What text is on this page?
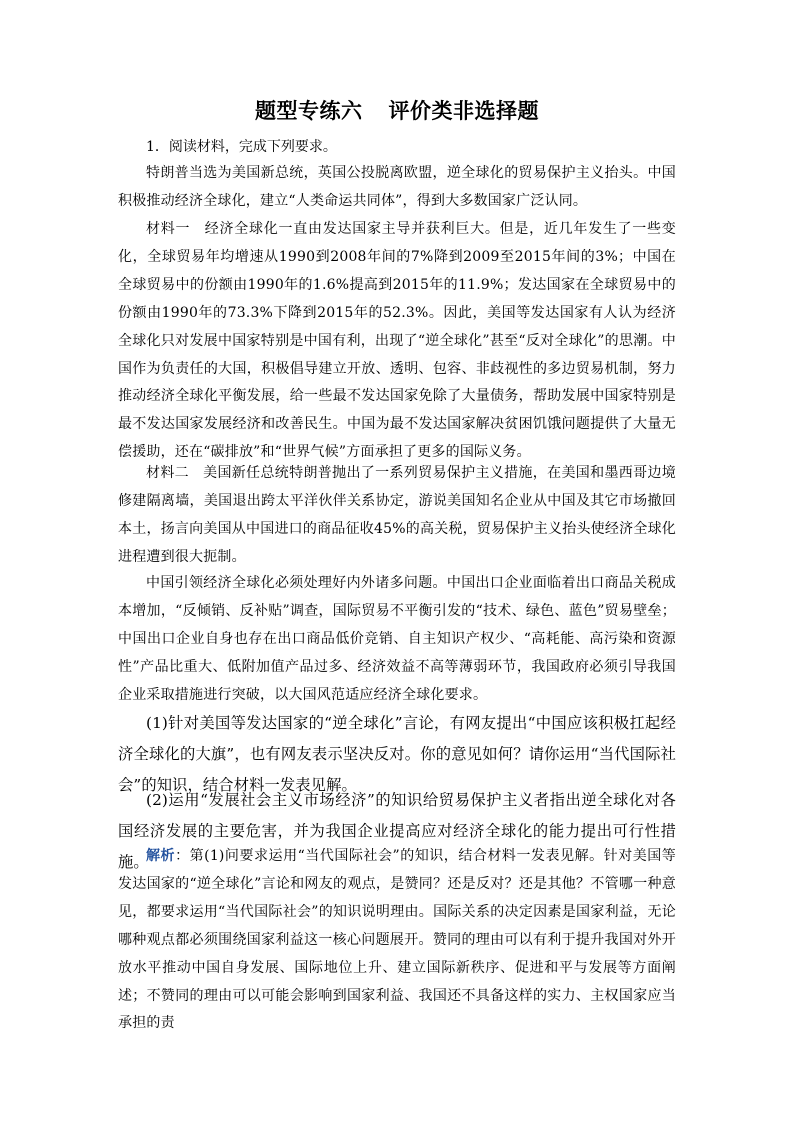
题型专练六 评价类非选择题
1．阅读材料，完成下列要求。
特朗普当选为美国新总统，英国公投脱离欧盟，逆全球化的贸易保护主义抬头。中国积极推动经济全球化，建立“人类命运共同体”，得到大多数国家广泛认同。
材料一 经济全球化一直由发达国家主导并获利巨大。但是，近几年发生了一些变化，全球贸易年均增速从1990到2008年间的7%降到2009至2015年间的3%；中国在全球贸易中的份额由1990年的1.6%提高到2015年的11.9%；发达国家在全球贸易中的份额由1990年的73.3%下降到2015年的52.3%。因此，美国等发达国家有人认为经济全球化只对发展中国家特别是中国有利，出现了“逆全球化”甚至“反对全球化”的思潮。中国作为负责任的大国，积极倡导建立开放、透明、包容、非歧视性的多边贸易机制，努力推动经济全球化平衡发展，给一些最不发达国家免除了大量债务，帮助发展中国家特别是最不发达国家发展经济和改善民生。中国为最不发达国家解决贫困饥饿问题提供了大量无偿援助，还在“碳排放”和“世界气候”方面承担了更多的国际义务。
材料二 美国新任总统特朗普抛出了一系列贸易保护主义措施，在美国和墨西哥边境修建隔离墙，美国退出跨太平洋伙伴关系协定，游说美国知名企业从中国及其它市场撤回本土，扬言向美国从中国进口的商品征收45%的高关税，贸易保护主义抬头使经济全球化进程遭到很大扼制。
中国引领经济全球化必须处理好内外诸多问题。中国出口企业面临着出口商品关税成本增加，“反倾销、反补贴”调查，国际贸易不平衡引发的“技术、绿色、蓝色”贸易壁垒；中国出口企业自身也存在出口商品低价竞销、自主知识产权少、“高耗能、高污染和资源性”产品比重大、低附加值产品过多、经济效益不高等薄弱环节，我国政府必须引导我国企业采取措施进行突破，以大国风范适应经济全球化要求。
(1)针对美国等发达国家的“逆全球化”言论，有网友提出“中国应该积极扛起经济全球化的大旗”，也有网友表示坚决反对。你的意见如何？请你运用“当代国际社会”的知识，结合材料一发表见解。
(2)运用“发展社会主义市场经济”的知识给贸易保护主义者指出逆全球化对各国经济发展的主要危害，并为我国企业提高应对经济全球化的能力提出可行性措施。
解析：第(1)问要求运用“当代国际社会”的知识，结合材料一发表见解。针对美国等发达国家的“逆全球化”言论和网友的观点，是赞同？还是反对？还是其他？不管哪一种意见，都要求运用“当代国际社会”的知识说明理由。国际关系的决定因素是国家利益，无论哪种观点都必须围绕国家利益这一核心问题展开。赞同的理由可以有利于提升我国对外开放水平推动中国自身发展、国际地位上升、建立国际新秩序、促进和平与发展等方面阐述；不赞同的理由可以可能会影响到国家利益、我国还不具备这样的实力、主权国家应当承担的责
